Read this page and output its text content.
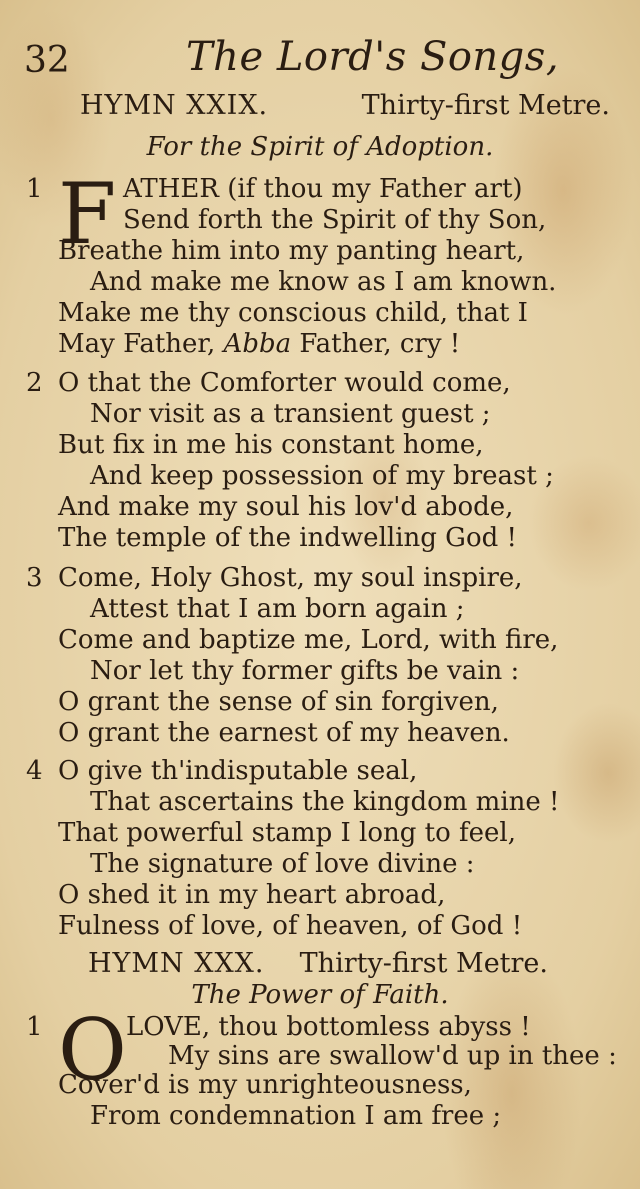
32	The Lord's Songs,
HYMN XXIX.	Thirty-first Metre.
For the Spirit of Adoption.
1 F ATHER (if thou my Father art)
Send forth the Spirit of thy Son,
Breathe him into my panting heart,
And make me know as I am known.
Make me thy conscious child, that I
May Father, Abba Father, cry !
2 O that the Comforter would come,
Nor visit as a transient guest ;
But fix in me his constant home,
And keep possession of my breast ;
And make my soul his lov'd abode,
The temple of the indwelling God !
3 Come, Holy Ghost, my soul inspire,
Attest that I am born again ;
Come and baptize me, Lord, with fire,
Nor let thy former gifts be vain :
O grant the sense of sin forgiven,
O grant the earnest of my heaven.
4 O give th'indisputable seal,
That ascertains the kingdom mine !
That powerful stamp I long to feel,
The signature of love divine :
O shed it in my heart abroad,
Fulness of love, of heaven, of God !
HYMN XXX. Thirty-first Metre.
The Power of Faith.
1 O LOVE, thou bottomless abyss !
My sins are swallow'd up in thee :
Cover'd is my unrighteousness,
From condemnation I am free ;
